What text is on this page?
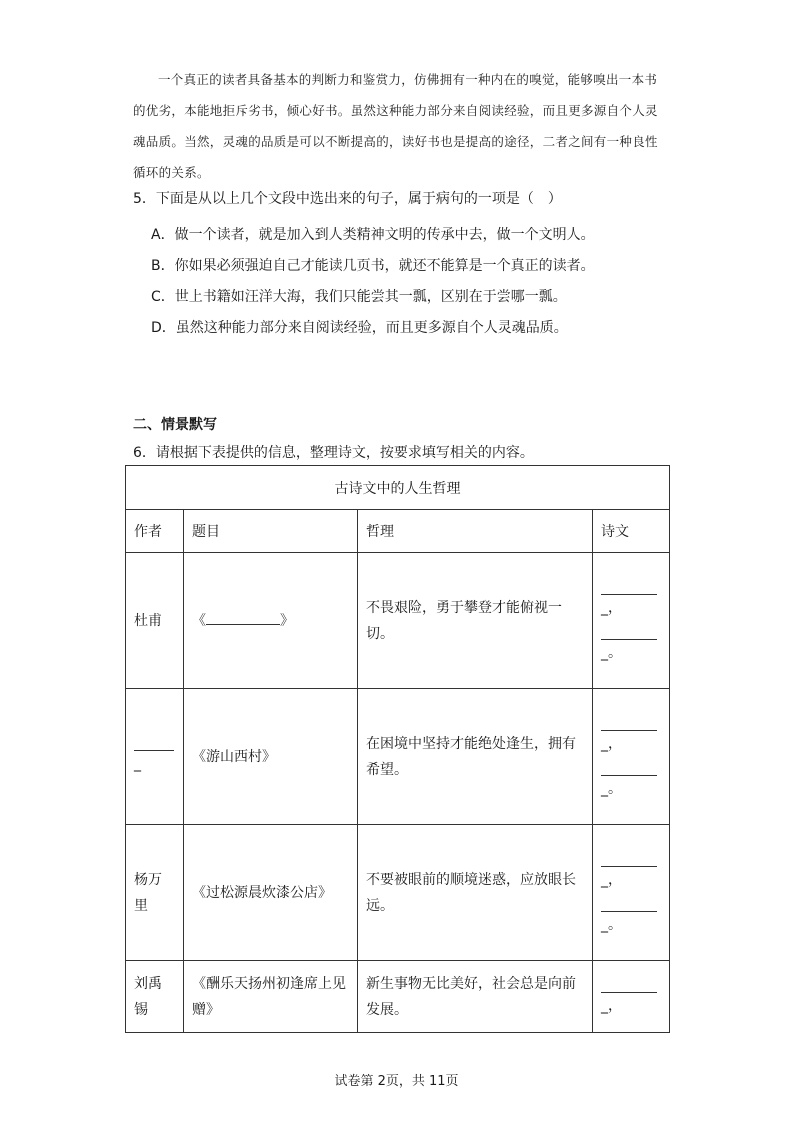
一个真正的读者具备基本的判断力和鉴赏力，仿佛拥有一种内在的嗅觉，能够嗅出一本书的优劣，本能地拒斥劣书，倾心好书。虽然这种能力部分来自阅读经验，而且更多源自个人灵魂品质。当然，灵魂的品质是可以不断提高的，读好书也是提高的途径，二者之间有一种良性循环的关系。
5．下面是从以上几个文段中选出来的句子，属于病句的一项是（　）
A．做一个读者，就是加入到人类精神文明的传承中去，做一个文明人。
B．你如果必须强迫自己才能读几页书，就还不能算是一个真正的读者。
C．世上书籍如汪洋大海，我们只能尝其一瓢，区别在于尝哪一瓢。
D．虽然这种能力部分来自阅读经验，而且更多源自个人灵魂品质。
二、情景默写
6．请根据下表提供的信息，整理诗文，按要求填写相关的内容。
古诗文中的人生哲理			
作者	题目	哲理	诗文
杜甫	《 》	不畏艰险，勇于攀登才能俯视一切。	_，
_。

_	《游山西村》	在困境中坚持才能绝处逢生，拥有希望。	_，
_。

杨万里	《过松源晨炊漆公店》	不要被眼前的顺境迷惑，应放眼长远。	_，
_。

刘禹锡	《酬乐天扬州初逢席上见赠》	新生事物无比美好，社会总是向前发展。	_，
试卷第 2页，共 11页
